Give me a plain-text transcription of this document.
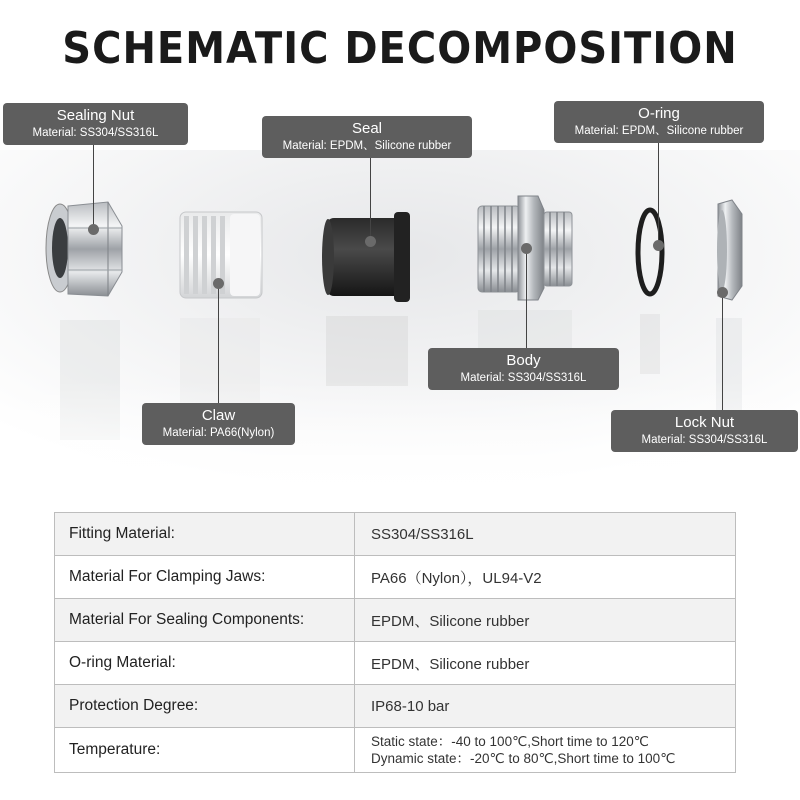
SCHEMATIC DECOMPOSITION
Sealing Nut
Material: SS304/SS316L	Seal
Material: EPDM、Silicone rubber
O-ring
Material: EPDM、Silicone rubber
Claw
Material: PA66(Nylon)
Body
Material: SS304/SS316L
Lock Nut
Material: SS304/SS316L
Fitting Material:	SS304/SS316L
Material For Clamping Jaws:	PA66（Nylon），UL94-V2
Material For Sealing Components:	EPDM、Silicone rubber
O-ring Material:	EPDM、Silicone rubber
Protection Degree:	IP68-10 bar
Temperature:	Static state：-40 to 100℃,Short time to 120℃
Dynamic state：-20℃ to 80℃,Short time to 100℃
